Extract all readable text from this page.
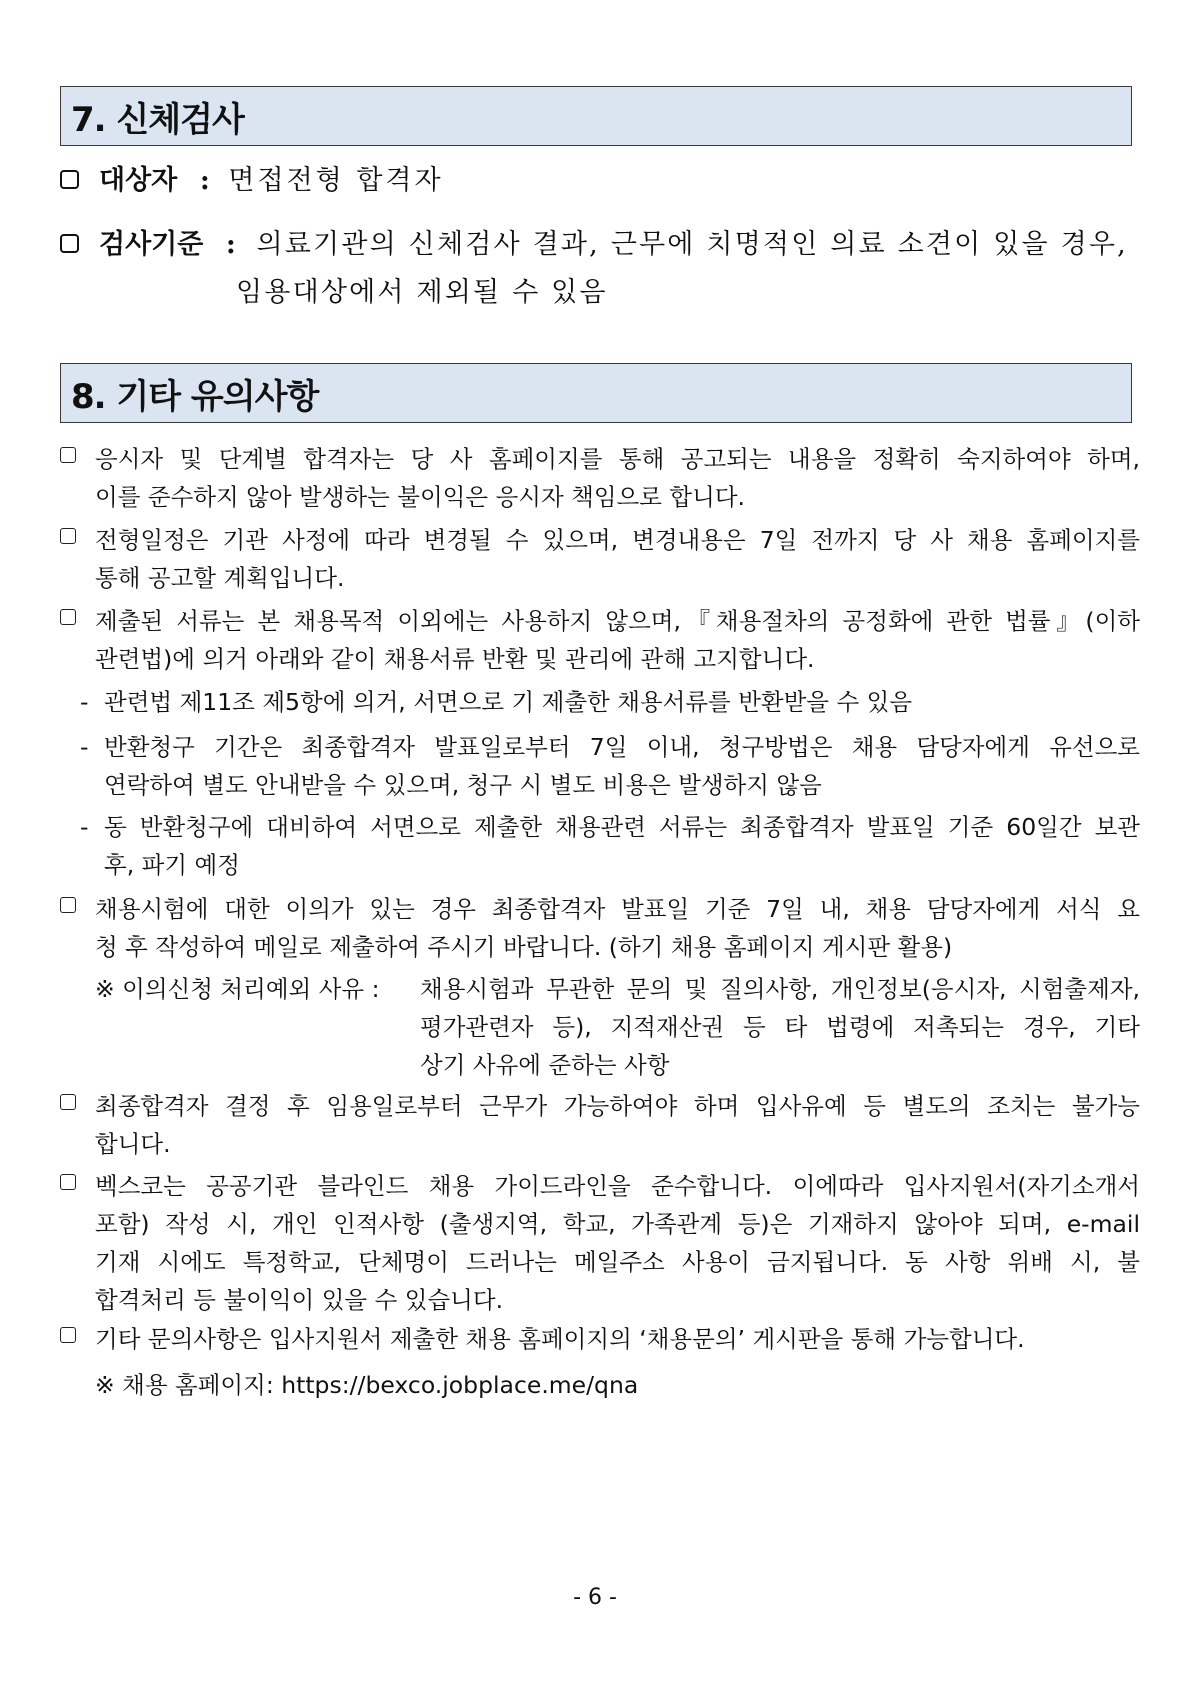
7. 신체검사
대상자 : 면접전형 합격자
검사기준 : 의료기관의 신체검사 결과, 근무에 치명적인 의료 소견이 있을 경우,
임용대상에서 제외될 수 있음
8. 기타 유의사항
응시자 및 단계별 합격자는 당 사 홈페이지를 통해 공고되는 내용을 정확히 숙지하여야 하며,
이를 준수하지 않아 발생하는 불이익은 응시자 책임으로 합니다.
전형일정은 기관 사정에 따라 변경될 수 있으며, 변경내용은 7일 전까지 당 사 채용 홈페이지를
통해 공고할 계획입니다.
제출된 서류는 본 채용목적 이외에는 사용하지 않으며,『채용절차의 공정화에 관한 법률』(이하
관련법)에 의거 아래와 같이 채용서류 반환 및 관리에 관해 고지합니다.
- 관련법 제11조 제5항에 의거, 서면으로 기 제출한 채용서류를 반환받을 수 있음
- 반환청구 기간은 최종합격자 발표일로부터 7일 이내, 청구방법은 채용 담당자에게 유선으로
연락하여 별도 안내받을 수 있으며, 청구 시 별도 비용은 발생하지 않음
- 동 반환청구에 대비하여 서면으로 제출한 채용관련 서류는 최종합격자 발표일 기준 60일간 보관
후, 파기 예정
채용시험에 대한 이의가 있는 경우 최종합격자 발표일 기준 7일 내, 채용 담당자에게 서식 요
청 후 작성하여 메일로 제출하여 주시기 바랍니다. (하기 채용 홈페이지 게시판 활용)
※ 이의신청 처리예외 사유 : 채용시험과 무관한 문의 및 질의사항, 개인정보(응시자, 시험출제자,
평가관련자 등), 지적재산권 등 타 법령에 저촉되는 경우, 기타
상기 사유에 준하는 사항
최종합격자 결정 후 임용일로부터 근무가 가능하여야 하며 입사유예 등 별도의 조치는 불가능
합니다.
벡스코는 공공기관 블라인드 채용 가이드라인을 준수합니다. 이에따라 입사지원서(자기소개서
포함) 작성 시, 개인 인적사항 (출생지역, 학교, 가족관계 등)은 기재하지 않아야 되며, e-mail
기재 시에도 특정학교, 단체명이 드러나는 메일주소 사용이 금지됩니다. 동 사항 위배 시, 불
합격처리 등 불이익이 있을 수 있습니다.
기타 문의사항은 입사지원서 제출한 채용 홈페이지의 ‘채용문의’ 게시판을 통해 가능합니다.
※ 채용 홈페이지: https://bexco.jobplace.me/qna
- 6 -
